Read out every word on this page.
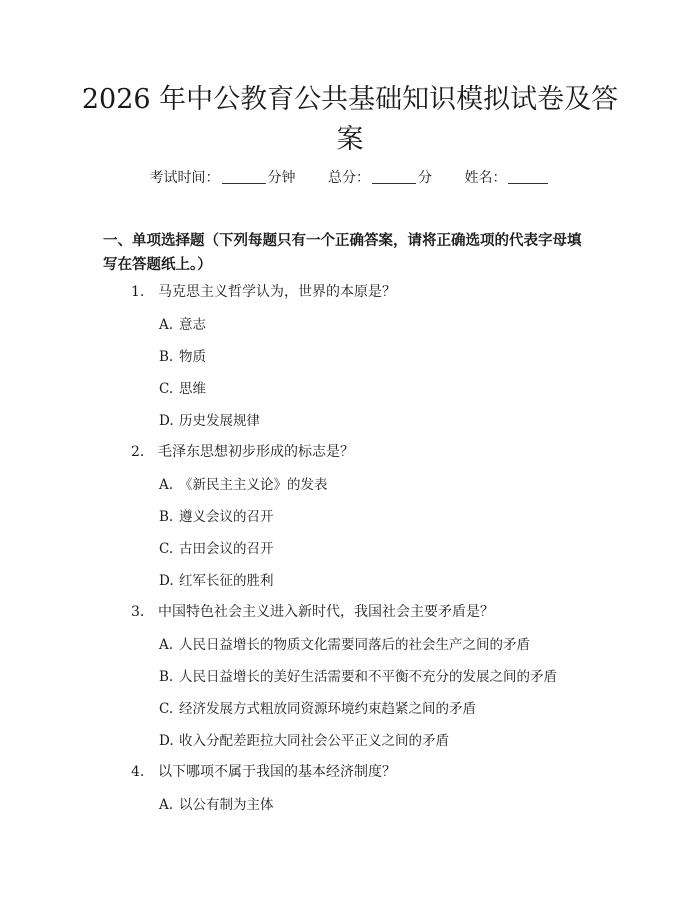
2026 年中公教育公共基础知识模拟试卷及答
案
考试时间：	分钟 总分：	分 姓名：
一、单项选择题（下列每题只有一个正确答案，请将正确选项的代表字母填写在答题纸上。）
1. 马克思主义哲学认为，世界的本原是？
A. 意志
B. 物质
C. 思维
D. 历史发展规律
2. 毛泽东思想初步形成的标志是？
A. 《新民主主义论》的发表
B. 遵义会议的召开
C. 古田会议的召开
D. 红军长征的胜利
3. 中国特色社会主义进入新时代，我国社会主要矛盾是？
A. 人民日益增长的物质文化需要同落后的社会生产之间的矛盾
B. 人民日益增长的美好生活需要和不平衡不充分的发展之间的矛盾
C. 经济发展方式粗放同资源环境约束趋紧之间的矛盾
D. 收入分配差距拉大同社会公平正义之间的矛盾
4. 以下哪项不属于我国的基本经济制度？
A. 以公有制为主体
